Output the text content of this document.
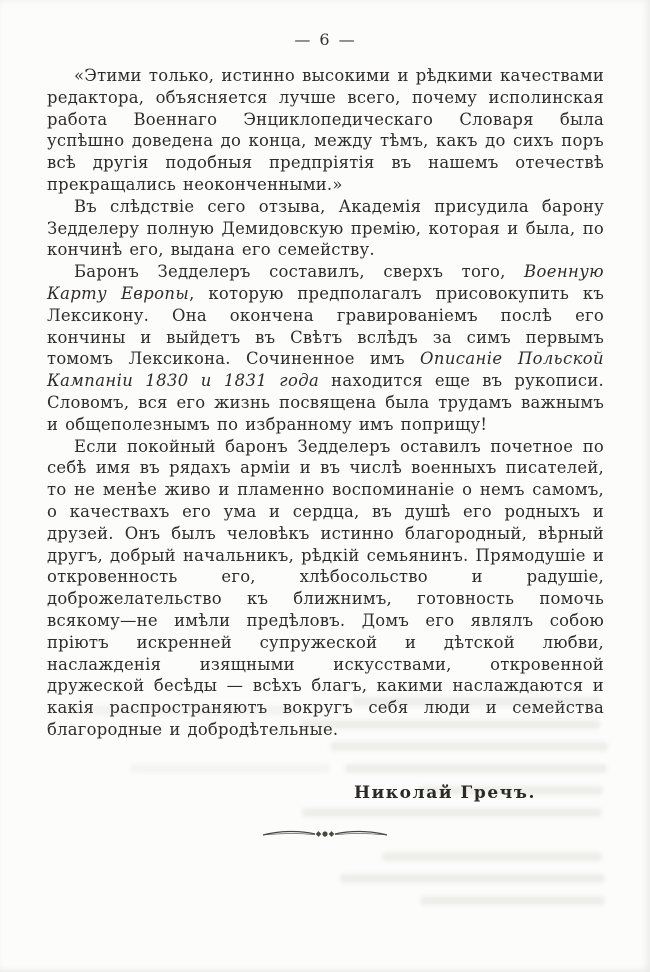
— 6 —

«Этими только, истинно высокими и рѣдкими качествами редактора, объясняется лучше всего, почему исполинская работа Военнаго Энциклопедическаго Словаря была успѣшно доведена до конца, между тѣмъ, какъ до сихъ поръ всѣ другія подобныя предпріятія въ нашемъ отечествѣ прекращались неоконченными.»

Въ слѣдствіе сего отзыва, Академія присудила барону Зедделеру полную Демидовскую премію, которая и была, по кончинѣ его, выдана его семейству.

Баронъ Зедделеръ составилъ, сверхъ того, Военную Карту Европы, которую предполагалъ присовокупить къ Лексикону. Она окончена гравированіемъ послѣ его кончины и выйдетъ въ Свѣтъ вслѣдъ за симъ первымъ томомъ Лексикона. Сочиненное имъ Описаніе Польской Кампаніи 1830 и 1831 года находится еще въ рукописи. Словомъ, вся его жизнь посвящена была трудамъ важнымъ и общеполезнымъ по избранному имъ поприщу!

Если покойный баронъ Зедделеръ оставилъ почетное по себѣ имя въ рядахъ арміи и въ числѣ военныхъ писателей, то не менѣе живо и пламенно воспоминаніе о немъ самомъ, о качествахъ его ума и сердца, въ душѣ его родныхъ и друзей. Онъ былъ человѣкъ истинно благородный, вѣрный другъ, добрый начальникъ, рѣдкій семьянинъ. Прямодушіе и откровенность его, хлѣбосольство и радушіе, доброжелательство къ ближнимъ, готовность помочь всякому—не имѣли предѣловъ. Домъ его являлъ собою пріютъ искренней супружеской и дѣтской любви, наслажденія изящными искусствами, откровенной дружеской бесѣды — всѣхъ благъ, какими наслаждаются и какія распространяютъ вокругъ себя люди и семейства благородные и добродѣтельные.

Николай Гречъ.
